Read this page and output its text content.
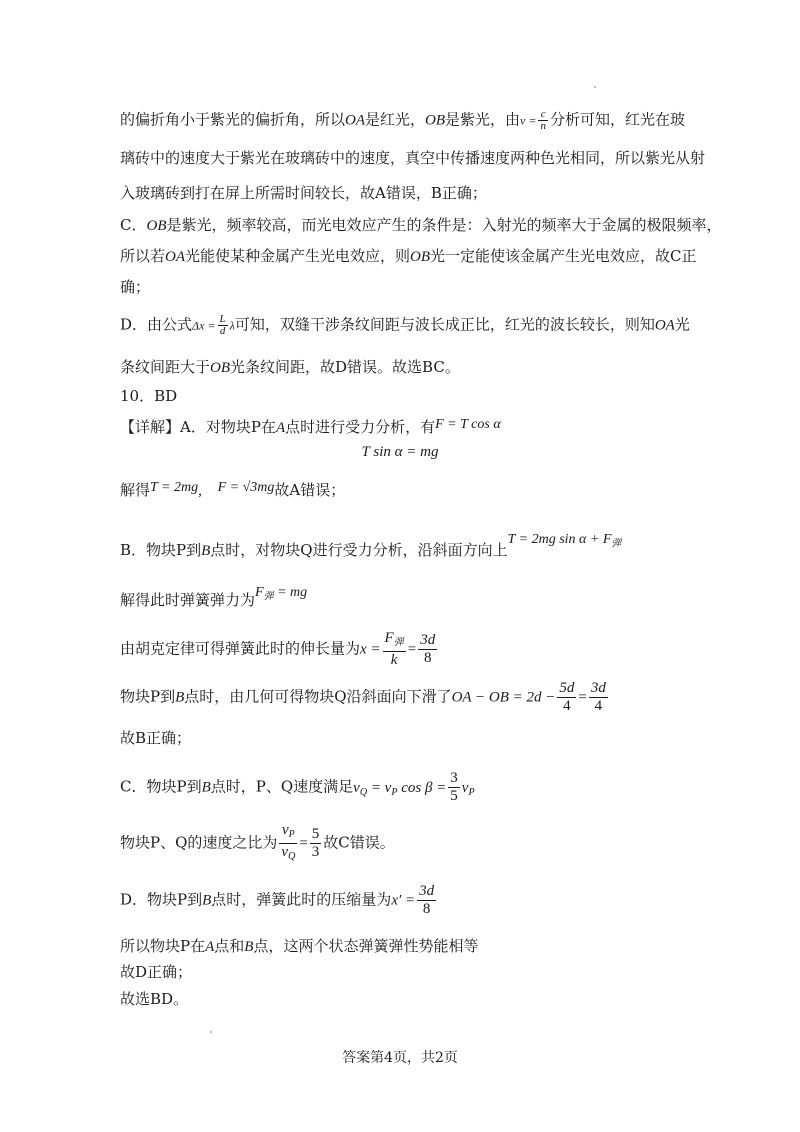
的偏折角小于紫光的偏折角，所以OA是红光，OB是紫光，由$v = \frac{c}{n}$ 分析可知，红光在玻
璃砖中的速度大于紫光在玻璃砖中的速度，真空中传播速度两种色光相同，所以紫光从射
入玻璃砖到打在屏上所需时间较长，故A错误，B正确；
C．OB是紫光，频率较高，而光电效应产生的条件是：入射光的频率大于金属的极限频率，
所以若OA光能使某种金属产生光电效应，则OB光一定能使该金属产生光电效应，故C正
确；
D．由公式$\Delta x = \frac{L}{d}$ λ可知，双缝干涉条纹间距与波长成正比，红光的波长较长，则知OA光
条纹间距大于OB光条纹间距，故D错误。故选BC。
10．BD
【详解】A．对物块P在A点时进行受力分析，有F = T cos α
T sin α = mg
解得T = 2mg, F = √3mg故A错误；
B．物块P到B点时，对物块Q进行受力分析，沿斜面方向上T = 2mg $\sin \alpha + F_弹$
解得此时弹簧弹力为$F_弹$ = mg
由胡克定律可得弹簧此时的伸长量为$x = \frac{F_弹}{k} = \frac{3d}{8}$
物块P到B点时，由几何可得物块Q沿斜面向下滑了OA − OB = $2d - \frac{5d}{4} = \frac{3d}{4}$
故B正确；
C．物块P到B点时，P、Q速度满足$v_Q = v_P$ $\cos \beta = \frac{3}{5} v_P$
物块P、Q的速度之比为 $\frac{v_P}{v_Q} = \frac{5}{3}$ 故C错误。
D．物块P到B点时，弹簧此时的压缩量为$x' = \frac{3d}{8}$
所以物块P在A点和B点，这两个状态弹簧弹性势能相等
故D正确；
故选BD。
答案第4页，共2页
